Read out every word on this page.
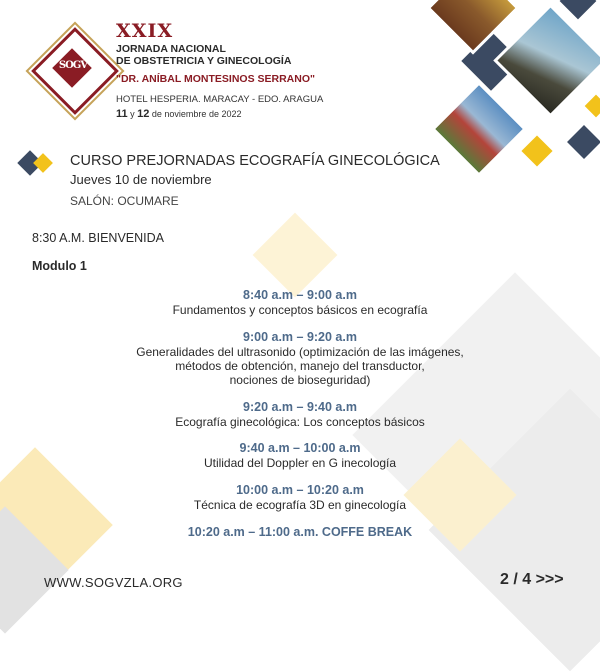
SOGV
XXIX
JORNADA NACIONAL
DE OBSTETRICIA Y GINECOLOGÍA
"DR. ANÍBAL MONTESINOS SERRANO"
HOTEL HESPERIA. MARACAY - EDO. ARAGUA
11 y 12 de noviembre de 2022
CURSO PREJORNADAS ECOGRAFÍA GINECOLÓGICA
Jueves 10 de noviembre
SALÓN: OCUMARE
8:30 A.M. BIENVENIDA
Modulo 1
8:40 a.m – 9:00 a.m
Fundamentos y conceptos básicos en ecografía
9:00 a.m – 9:20 a.m
Generalidades del ultrasonido (optimización de las imágenes,
métodos de obtención, manejo del transductor,
nociones de bioseguridad)
9:20 a.m – 9:40 a.m
Ecografía ginecológica: Los conceptos básicos
9:40 a.m – 10:00 a.m
Utilidad del Doppler en G inecología
10:00 a.m – 10:20 a.m
Técnica de ecografía 3D en ginecología
10:20 a.m – 11:00 a.m. COFFE BREAK
WWW.SOGVZLA.ORG	2 / 4 >>>
